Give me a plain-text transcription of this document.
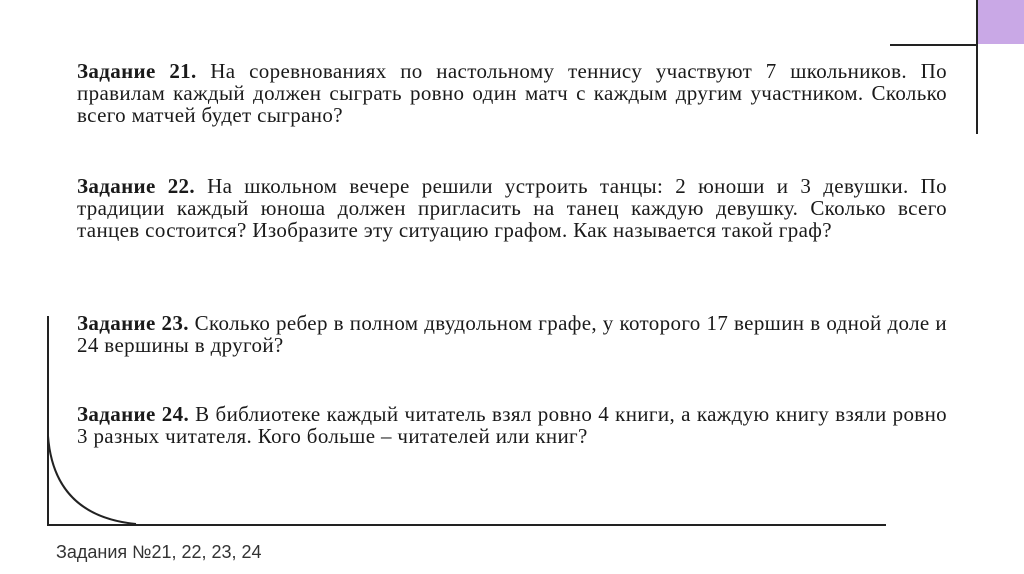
Задание 21. На соревнованиях по настольному теннису участвуют 7 школьников. По правилам каждый должен сыграть ровно один матч с каждым другим участником. Сколько всего матчей будет сыграно?

Задание 22. На школьном вечере решили устроить танцы: 2 юноши и 3 девушки. По традиции каждый юноша должен пригласить на танец каждую девушку. Сколько всего танцев состоится? Изобразите эту ситуацию графом. Как называется такой граф?

Задание 23. Сколько ребер в полном двудольном графе, у которого 17 вершин в одной доле и 24 вершины в другой?

Задание 24. В библиотеке каждый читатель взял ровно 4 книги, а каждую книгу взяли ровно 3 разных читателя. Кого больше – читателей или книг?

Задания №21, 22, 23, 24
